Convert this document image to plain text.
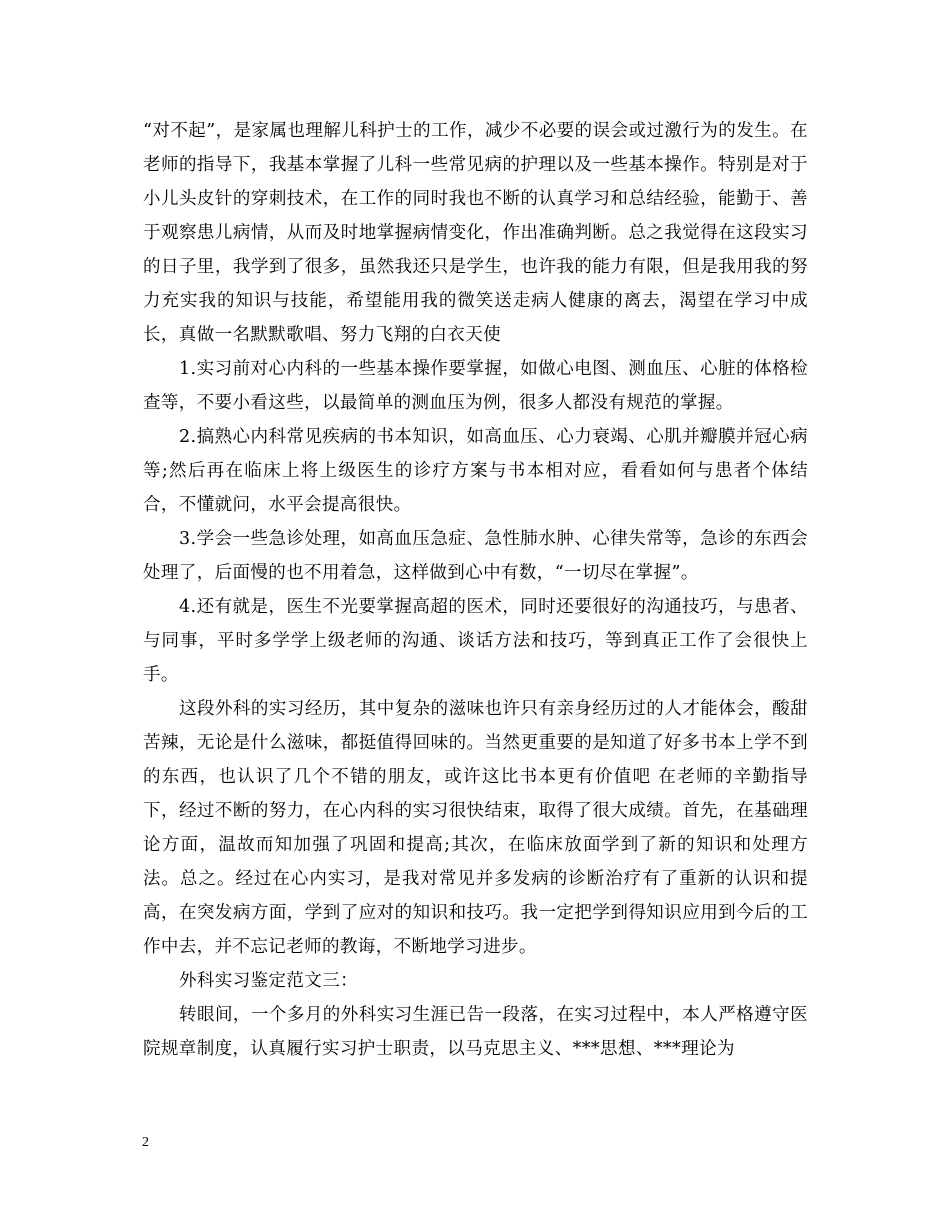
“对不起”，是家属也理解儿科护士的工作，减少不必要的误会或过激行为的发生。在老师的指导下，我基本掌握了儿科一些常见病的护理以及一些基本操作。特别是对于小儿头皮针的穿刺技术，在工作的同时我也不断的认真学习和总结经验，能勤于、善于观察患儿病情，从而及时地掌握病情变化，作出准确判断。总之我觉得在这段实习的日子里，我学到了很多，虽然我还只是学生，也许我的能力有限，但是我用我的努力充实我的知识与技能，希望能用我的微笑送走病人健康的离去，渴望在学习中成长，真做一名默默歌唱、努力飞翔的白衣天使

1.实习前对心内科的一些基本操作要掌握，如做心电图、测血压、心脏的体格检查等，不要小看这些，以最简单的测血压为例，很多人都没有规范的掌握。

2.搞熟心内科常见疾病的书本知识，如高血压、心力衰竭、心肌并瓣膜并冠心病等;然后再在临床上将上级医生的诊疗方案与书本相对应，看看如何与患者个体结合，不懂就问，水平会提高很快。

3.学会一些急诊处理，如高血压急症、急性肺水肿、心律失常等，急诊的东西会处理了，后面慢的也不用着急，这样做到心中有数，“一切尽在掌握”。

4.还有就是，医生不光要掌握高超的医术，同时还要很好的沟通技巧，与患者、与同事，平时多学学上级老师的沟通、谈话方法和技巧，等到真正工作了会很快上手。

这段外科的实习经历，其中复杂的滋味也许只有亲身经历过的人才能体会，酸甜苦辣，无论是什么滋味，都挺值得回味的。当然更重要的是知道了好多书本上学不到的东西，也认识了几个不错的朋友，或许这比书本更有价值吧 在老师的辛勤指导下，经过不断的努力，在心内科的实习很快结束，取得了很大成绩。首先，在基础理论方面，温故而知加强了巩固和提高;其次，在临床放面学到了新的知识和处理方法。总之。经过在心内实习，是我对常见并多发病的诊断治疗有了重新的认识和提高，在突发病方面，学到了应对的知识和技巧。我一定把学到得知识应用到今后的工作中去，并不忘记老师的教诲，不断地学习进步。

外科实习鉴定范文三：

转眼间，一个多月的外科实习生涯已告一段落，在实习过程中，本人严格遵守医院规章制度，认真履行实习护士职责，以马克思主义、***思想、***理论为

2
